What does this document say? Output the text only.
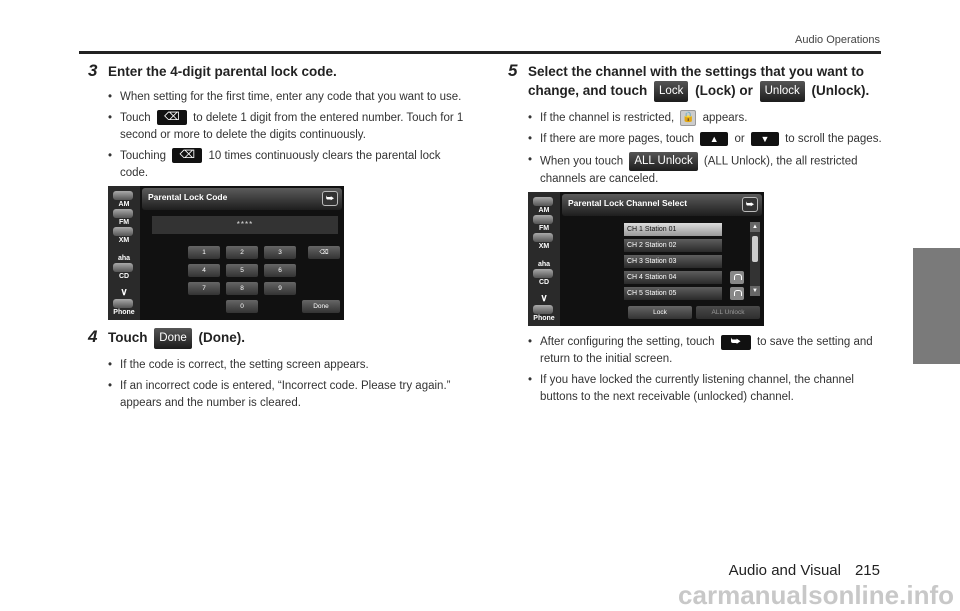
Audio Operations
3 Enter the 4-digit parental lock code.
• When setting for the first time, enter any code that you want to use.
• Touch ⌫ to delete 1 digit from the entered number. Touch for 1 second or more to delete the digits continuously.
• Touching ⌫ 10 times continuously clears the parental lock code.
AM
FM
XM
aha
CD
∨
Phone
Parental Lock Code	⮩
****
1	2	3	⌫
4	5	6
7	8	9
0	Done
4 Touch Done (Done).
• If the code is correct, the setting screen appears.
• If an incorrect code is entered, “Incorrect code. Please try again.” appears and the number is cleared.
5 Select the channel with the settings that you want to change, and touch Lock (Lock) or Unlock (Unlock).
• If the channel is restricted, 🔒 appears.
• If there are more pages, touch ▲ or ▼ to scroll the pages.
• When you touch ALL Unlock (ALL Unlock), the all restricted channels are canceled.
AM
FM
XM
aha
CD
∨
Phone
Parental Lock Channel Select	⮩
CH 1 Station 01
CH 2 Station 02
CH 3 Station 03
CH 4 Station 04
CH 5 Station 05
▲
▼
Lock	ALL Unlock
• After configuring the setting, touch ⮩ to save the setting and return to the initial screen.
• If you have locked the currently listening channel, the channel buttons to the next receivable (unlocked) channel.
Audio and Visual 215
carmanualsonline.info
